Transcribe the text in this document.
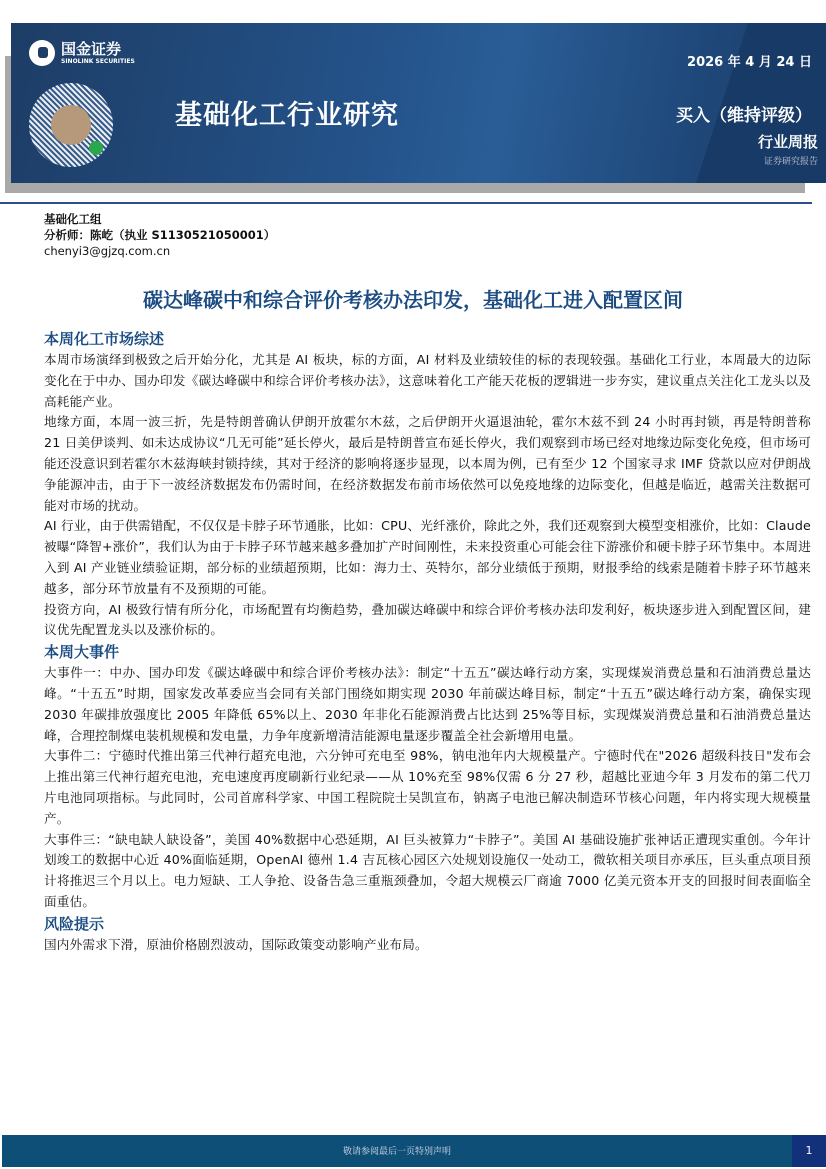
国金证券
SINOLINK SECURITIES	2026 年 4 月 24 日
基础化工行业研究	买入（维持评级）
行业周报
证券研究报告
基础化工组
分析师：陈屹（执业 S1130521050001）
chenyi3@gjzq.com.cn
碳达峰碳中和综合评价考核办法印发，基础化工进入配置区间
本周化工市场综述

本周市场演绎到极致之后开始分化，尤其是 AI 板块，标的方面，AI 材料及业绩较佳的标的表现较强。基础化工行业，本周最大的边际变化在于中办、国办印发《碳达峰碳中和综合评价考核办法》，这意味着化工产能天花板的逻辑进一步夯实，建议重点关注化工龙头以及高耗能产业。

地缘方面，本周一波三折，先是特朗普确认伊朗开放霍尔木兹，之后伊朗开火逼退油轮，霍尔木兹不到 24 小时再封锁，再是特朗普称 21 日美伊谈判、如未达成协议“几无可能”延长停火，最后是特朗普宣布延长停火，我们观察到市场已经对地缘边际变化免疫，但市场可能还没意识到若霍尔木兹海峡封锁持续，其对于经济的影响将逐步显现，以本周为例，已有至少 12 个国家寻求 IMF 贷款以应对伊朗战争能源冲击，由于下一波经济数据发布仍需时间，在经济数据发布前市场依然可以免疫地缘的边际变化，但越是临近，越需关注数据可能对市场的扰动。

AI 行业，由于供需错配，不仅仅是卡脖子环节通胀，比如：CPU、光纤涨价，除此之外，我们还观察到大模型变相涨价，比如：Claude 被曝“降智+涨价”，我们认为由于卡脖子环节越来越多叠加扩产时间刚性，未来投资重心可能会往下游涨价和硬卡脖子环节集中。本周进入到 AI 产业链业绩验证期，部分标的业绩超预期，比如：海力士、英特尔，部分业绩低于预期，财报季给的线索是随着卡脖子环节越来越多，部分环节放量有不及预期的可能。

投资方向，AI 极致行情有所分化，市场配置有均衡趋势，叠加碳达峰碳中和综合评价考核办法印发利好，板块逐步进入到配置区间，建议优先配置龙头以及涨价标的。

本周大事件

大事件一：中办、国办印发《碳达峰碳中和综合评价考核办法》：制定“十五五”碳达峰行动方案，实现煤炭消费总量和石油消费总量达峰。“十五五”时期，国家发改革委应当会同有关部门围绕如期实现 2030 年前碳达峰目标，制定“十五五”碳达峰行动方案，确保实现 2030 年碳排放强度比 2005 年降低 65%以上、2030 年非化石能源消费占比达到 25%等目标，实现煤炭消费总量和石油消费总量达峰，合理控制煤电装机规模和发电量，力争年度新增清洁能源电量逐步覆盖全社会新增用电量。

大事件二：宁德时代推出第三代神行超充电池，六分钟可充电至 98%，钠电池年内大规模量产。宁德时代在"2026 超级科技日"发布会上推出第三代神行超充电池，充电速度再度刷新行业纪录——从 10%充至 98%仅需 6 分 27 秒，超越比亚迪今年 3 月发布的第二代刀片电池同项指标。与此同时，公司首席科学家、中国工程院院士吴凯宣布，钠离子电池已解决制造环节核心问题，年内将实现大规模量产。

大事件三：“缺电缺人缺设备”，美国 40%数据中心恐延期，AI 巨头被算力“卡脖子”。美国 AI 基础设施扩张神话正遭现实重创。今年计划竣工的数据中心近 40%面临延期，OpenAI 德州 1.4 吉瓦核心园区六处规划设施仅一处动工，微软相关项目亦承压，巨头重点项目预计将推迟三个月以上。电力短缺、工人争抢、设备告急三重瓶颈叠加，令超大规模云厂商逾 7000 亿美元资本开支的回报时间表面临全面重估。

风险提示

国内外需求下滑，原油价格剧烈波动，国际政策变动影响产业布局。

敬请参阅最后一页特别声明	1
